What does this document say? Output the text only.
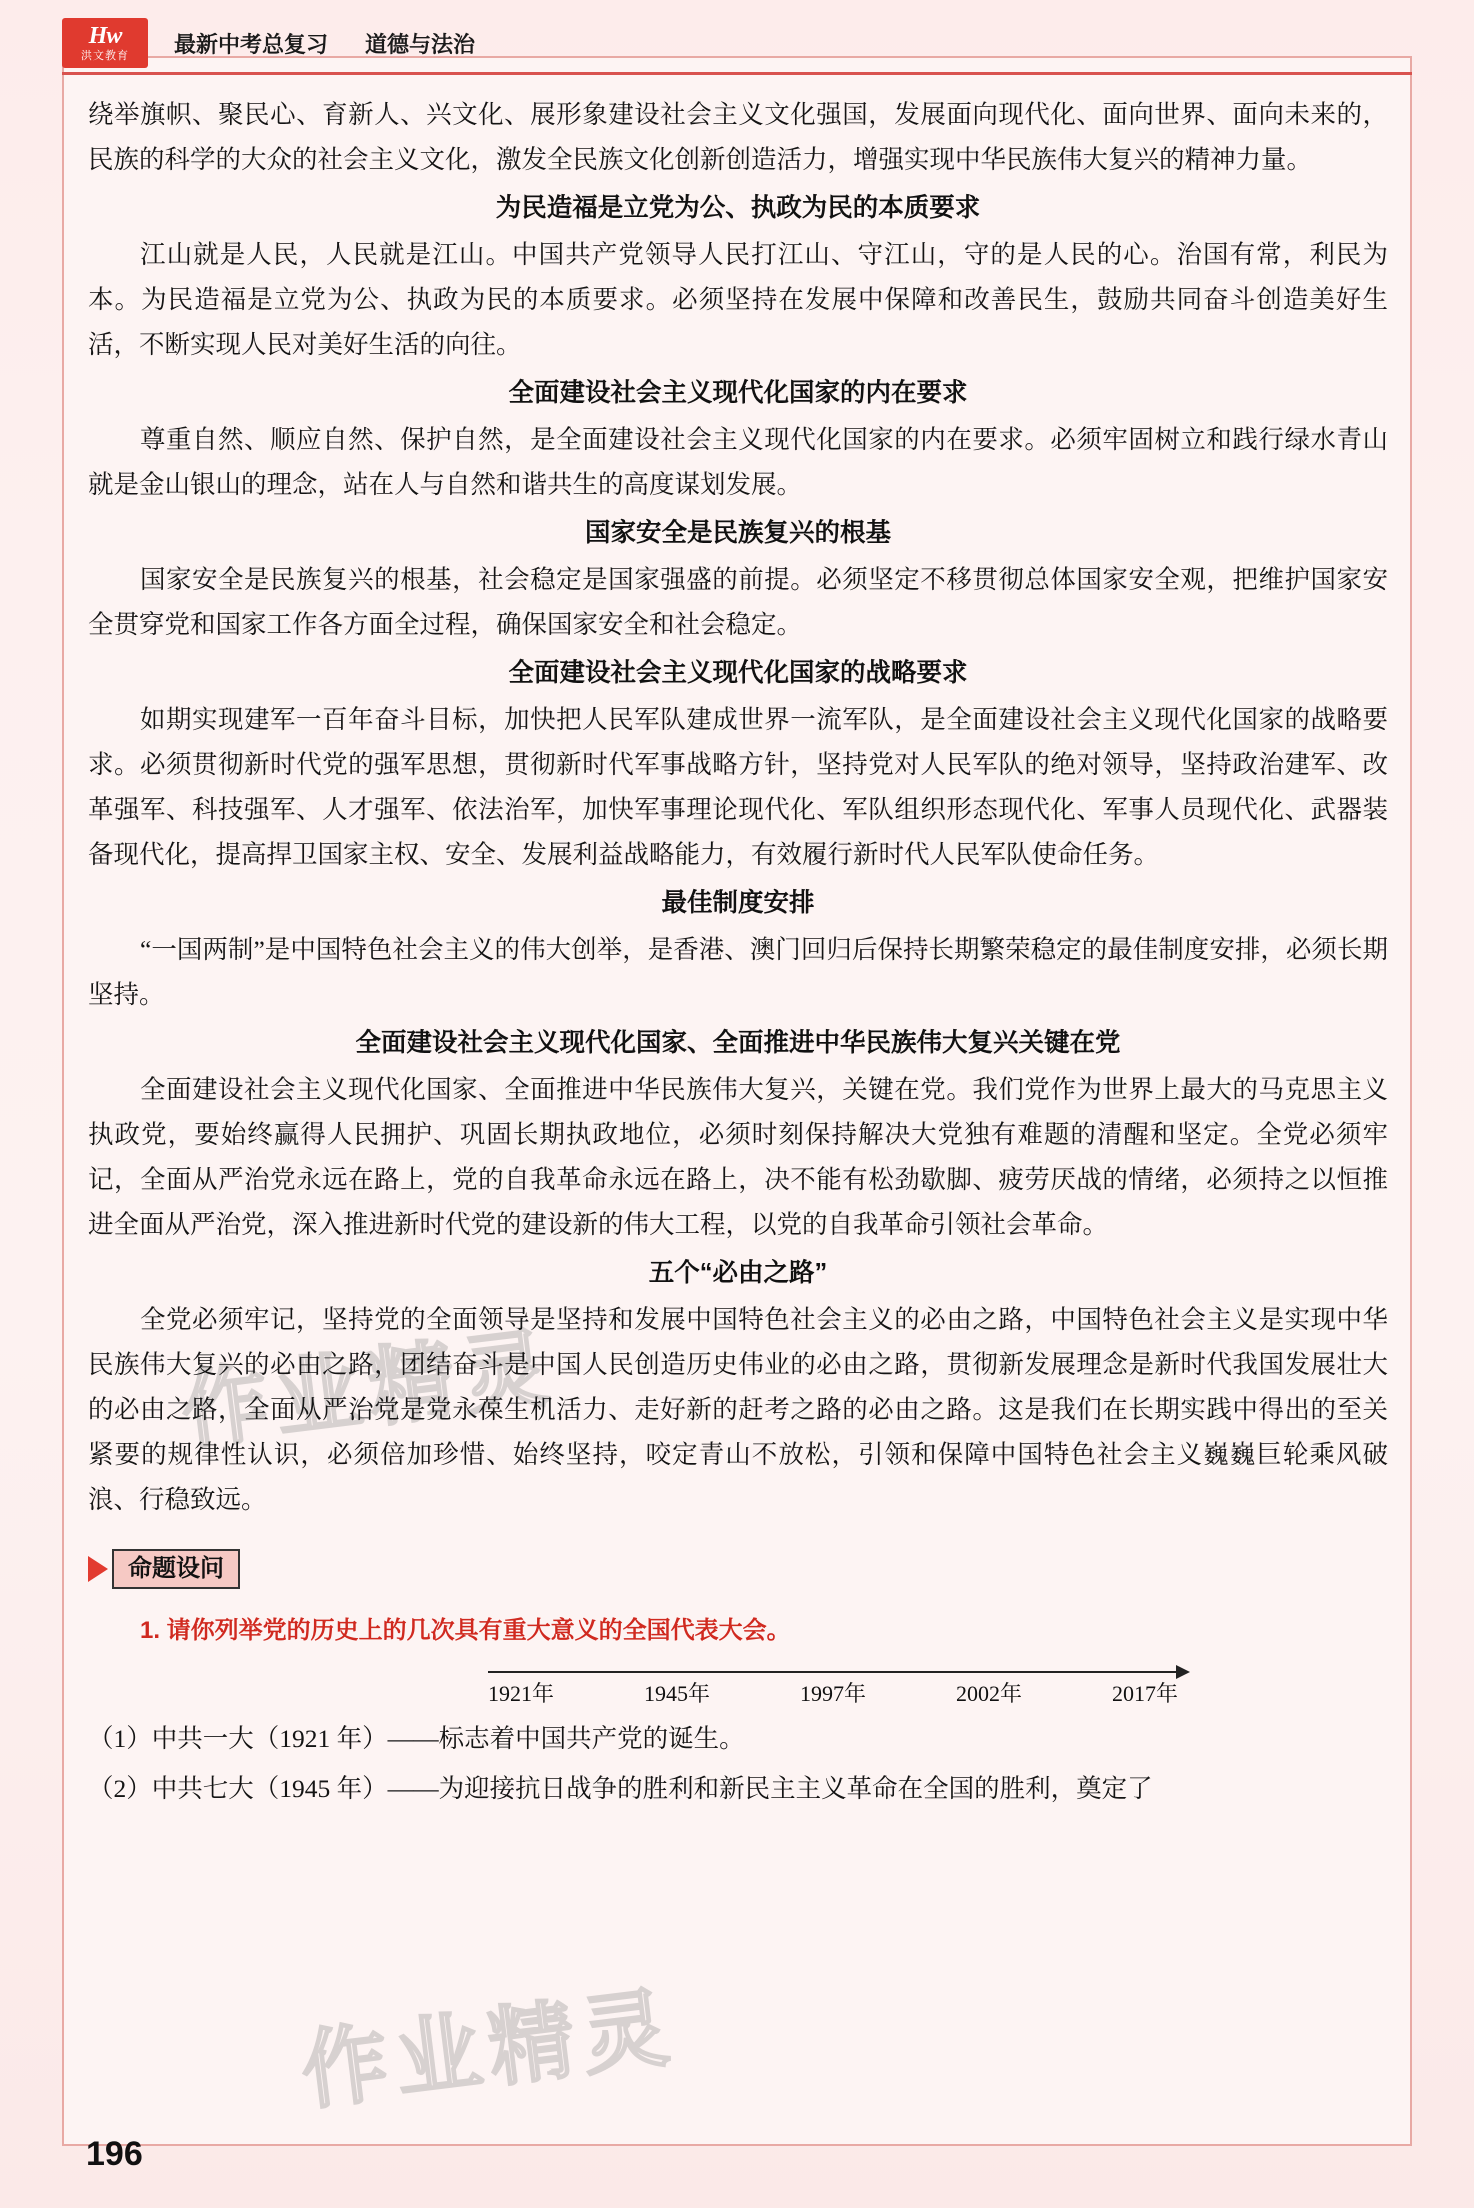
Hw
洪文教育 最新中考总复习 道德与法治

绕举旗帜、聚民心、育新人、兴文化、展形象建设社会主义文化强国，发展面向现代化、面向世界、面向未来的，民族的科学的大众的社会主义文化，激发全民族文化创新创造活力，增强实现中华民族伟大复兴的精神力量。

为民造福是立党为公、执政为民的本质要求

江山就是人民，人民就是江山。中国共产党领导人民打江山、守江山，守的是人民的心。治国有常，利民为本。为民造福是立党为公、执政为民的本质要求。必须坚持在发展中保障和改善民生，鼓励共同奋斗创造美好生活，不断实现人民对美好生活的向往。

全面建设社会主义现代化国家的内在要求

尊重自然、顺应自然、保护自然，是全面建设社会主义现代化国家的内在要求。必须牢固树立和践行绿水青山就是金山银山的理念，站在人与自然和谐共生的高度谋划发展。

国家安全是民族复兴的根基

国家安全是民族复兴的根基，社会稳定是国家强盛的前提。必须坚定不移贯彻总体国家安全观，把维护国家安全贯穿党和国家工作各方面全过程，确保国家安全和社会稳定。

全面建设社会主义现代化国家的战略要求

如期实现建军一百年奋斗目标，加快把人民军队建成世界一流军队，是全面建设社会主义现代化国家的战略要求。必须贯彻新时代党的强军思想，贯彻新时代军事战略方针，坚持党对人民军队的绝对领导，坚持政治建军、改革强军、科技强军、人才强军、依法治军，加快军事理论现代化、军队组织形态现代化、军事人员现代化、武器装备现代化，提高捍卫国家主权、安全、发展利益战略能力，有效履行新时代人民军队使命任务。

最佳制度安排

“一国两制”是中国特色社会主义的伟大创举，是香港、澳门回归后保持长期繁荣稳定的最佳制度安排，必须长期坚持。

全面建设社会主义现代化国家、全面推进中华民族伟大复兴关键在党

全面建设社会主义现代化国家、全面推进中华民族伟大复兴，关键在党。我们党作为世界上最大的马克思主义执政党，要始终赢得人民拥护、巩固长期执政地位，必须时刻保持解决大党独有难题的清醒和坚定。全党必须牢记，全面从严治党永远在路上，党的自我革命永远在路上，决不能有松劲歇脚、疲劳厌战的情绪，必须持之以恒推进全面从严治党，深入推进新时代党的建设新的伟大工程，以党的自我革命引领社会革命。

五个“必由之路”

全党必须牢记，坚持党的全面领导是坚持和发展中国特色社会主义的必由之路，中国特色社会主义是实现中华民族伟大复兴的必由之路，团结奋斗是中国人民创造历史伟业的必由之路，贯彻新发展理念是新时代我国发展壮大的必由之路，全面从严治党是党永葆生机活力、走好新的赶考之路的必由之路。这是我们在长期实践中得出的至关紧要的规律性认识，必须倍加珍惜、始终坚持，咬定青山不放松，引领和保障中国特色社会主义巍巍巨轮乘风破浪、行稳致远。

命题设问
1. 请你列举党的历史上的几次具有重大意义的全国代表大会。
1921年	1945年	1997年	2002年	2017年
（1）中共一大（1921 年）——标志着中国共产党的诞生。
（2）中共七大（1945 年）——为迎接抗日战争的胜利和新民主主义革命在全国的胜利，奠定了
196
